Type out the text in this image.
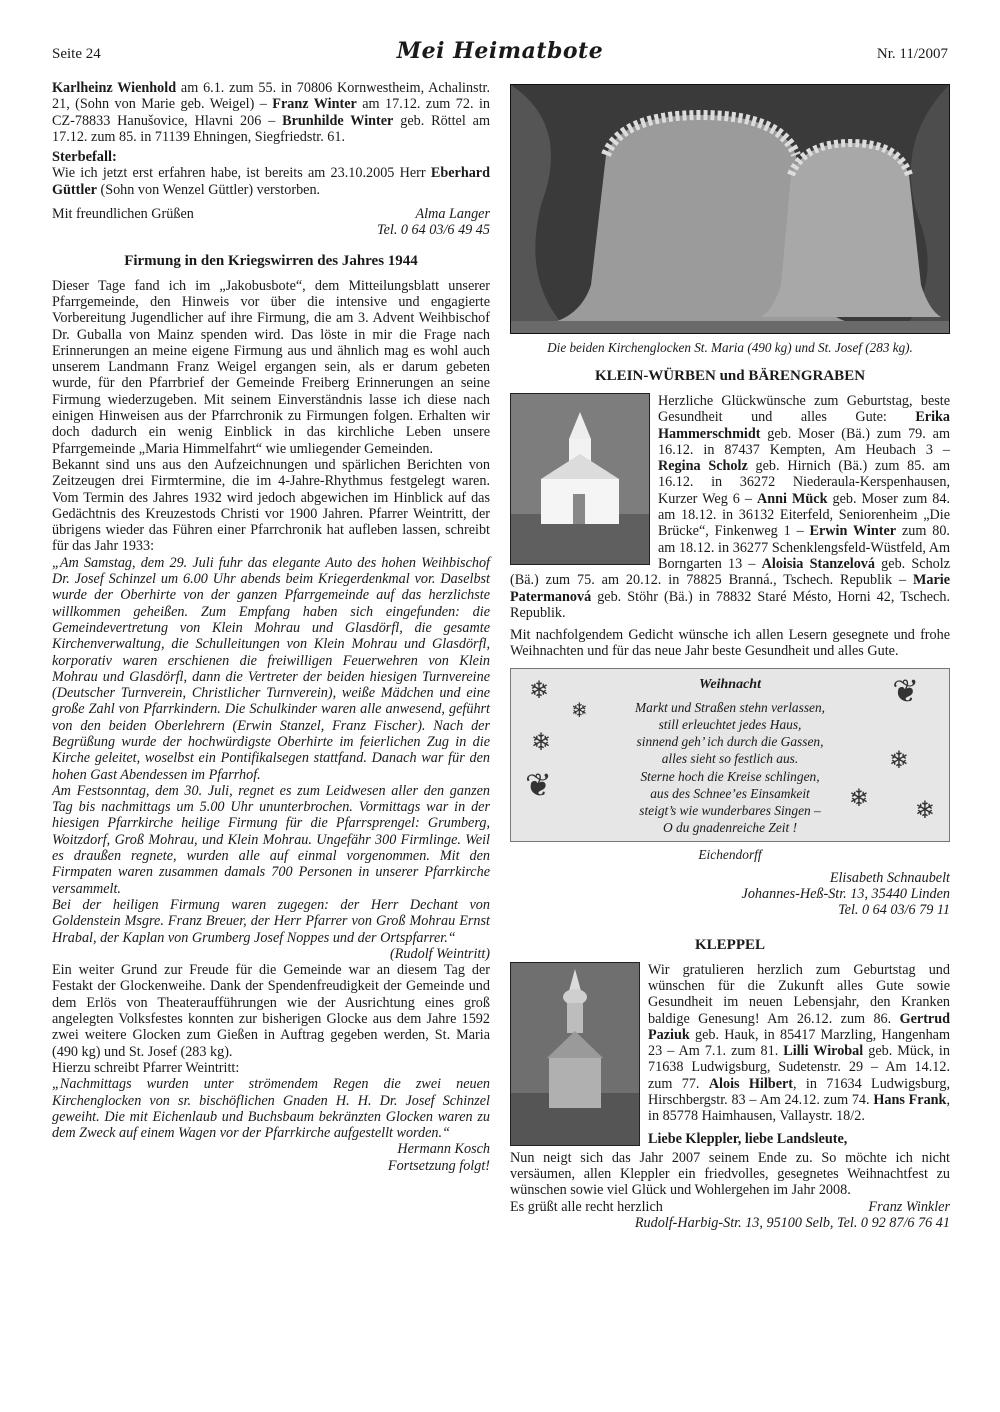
Seite 24	Mei Heimatbote	Nr. 11/2007

Karlheinz Wienhold am 6.1. zum 55. in 70806 Kornwestheim, Achalinstr. 21, (Sohn von Marie geb. Weigel) – Franz Winter am 17.12. zum 72. in CZ-78833 Hanušovice, Hlavni 206 – Brunhilde Winter geb. Röttel am 17.12. zum 85. in 71139 Ehningen, Siegfriedstr. 61.

Sterbefall:

Wie ich jetzt erst erfahren habe, ist bereits am 23.10.2005 Herr Eberhard Güttler (Sohn von Wenzel Güttler) verstorben.

Mit freundlichen Grüßen	Alma Langer

Tel. 0 64 03/6 49 45

Firmung in den Kriegswirren des Jahres 1944

Dieser Tage fand ich im „Jakobusbote“, dem Mitteilungsblatt unserer Pfarrgemeinde, den Hinweis vor über die intensive und engagierte Vorbereitung Jugendlicher auf ihre Firmung, die am 3. Advent Weihbischof Dr. Guballa von Mainz spenden wird. Das löste in mir die Frage nach Erinnerungen an meine eigene Firmung aus und ähnlich mag es wohl auch unserem Landmann Franz Weigel ergangen sein, als er darum gebeten wurde, für den Pfarrbrief der Gemeinde Freiberg Erinnerungen an seine Firmung wiederzugeben. Mit seinem Einverständnis lasse ich diese nach einigen Hinweisen aus der Pfarrchronik zu Firmungen folgen. Erhalten wir doch dadurch ein wenig Einblick in das kirchliche Leben unsere Pfarrgemeinde „Maria Himmelfahrt“ wie umliegender Gemeinden.

Bekannt sind uns aus den Aufzeichnungen und spärlichen Berichten von Zeitzeugen drei Firmtermine, die im 4-Jahre-Rhythmus festgelegt waren. Vom Termin des Jahres 1932 wird jedoch abgewichen im Hinblick auf das Gedächtnis des Kreuzestods Christi vor 1900 Jahren. Pfarrer Weintritt, der übrigens wieder das Führen einer Pfarrchronik hat aufleben lassen, schreibt für das Jahr 1933:

„Am Samstag, dem 29. Juli fuhr das elegante Auto des hohen Weihbischof Dr. Josef Schinzel um 6.00 Uhr abends beim Kriegerdenkmal vor. Daselbst wurde der Oberhirte von der ganzen Pfarrgemeinde auf das herzlichste willkommen geheißen. Zum Empfang haben sich eingefunden: die Gemeindevertretung von Klein Mohrau und Glasdörfl, die gesamte Kirchenverwaltung, die Schulleitungen von Klein Mohrau und Glasdörfl, korporativ waren erschienen die freiwilligen Feuerwehren von Klein Mohrau und Glasdörfl, dann die Vertreter der beiden hiesigen Turnvereine (Deutscher Turnverein, Christlicher Turnverein), weiße Mädchen und eine große Zahl von Pfarrkindern. Die Schulkinder waren alle anwesend, geführt von den beiden Oberlehrern (Erwin Stanzel, Franz Fischer). Nach der Begrüßung wurde der hochwürdigste Oberhirte im feierlichen Zug in die Kirche geleitet, woselbst ein Pontifikalsegen stattfand. Danach war für den hohen Gast Abendessen im Pfarrhof.

Am Festsonntag, dem 30. Juli, regnet es zum Leidwesen aller den ganzen Tag bis nachmittags um 5.00 Uhr ununterbrochen. Vormittags war in der hiesigen Pfarrkirche heilige Firmung für die Pfarrsprengel: Grumberg, Woitzdorf, Groß Mohrau, und Klein Mohrau. Ungefähr 300 Firmlinge. Weil es draußen regnete, wurden alle auf einmal vorgenommen. Mit den Firmpaten waren zusammen damals 700 Personen in unserer Pfarrkirche versammelt.

Bei der heiligen Firmung waren zugegen: der Herr Dechant von Goldenstein Msgre. Franz Breuer, der Herr Pfarrer von Groß Mohrau Ernst Hrabal, der Kaplan von Grumberg Josef Noppes und der Ortspfarrer.“
(Rudolf Weintritt)

Ein weiter Grund zur Freude für die Gemeinde war an diesem Tag der Festakt der Glockenweihe. Dank der Spendenfreudigkeit der Gemeinde und dem Erlös von Theateraufführungen wie der Ausrichtung eines groß angelegten Volksfestes konnten zur bisherigen Glocke aus dem Jahre 1592 zwei weitere Glocken zum Gießen in Auftrag gegeben werden, St. Maria (490 kg) und St. Josef (283 kg).

Hierzu schreibt Pfarrer Weintritt:

„Nachmittags wurden unter strömendem Regen die zwei neuen Kirchenglocken von sr. bischöflichen Gnaden H. H. Dr. Josef Schinzel geweiht. Die mit Eichenlaub und Buchsbaum bekränzten Glocken waren zu dem Zweck auf einem Wagen vor der Pfarrkirche aufgestellt worden.“

Hermann Kosch

Fortsetzung folgt!

Die beiden Kirchenglocken St. Maria (490 kg) und St. Josef (283 kg).
KLEIN-WÜRBEN und BÄRENGRABEN

Herzliche Glückwünsche zum Geburtstag, beste Gesundheit und alles Gute: Erika Hammerschmidt geb. Moser (Bä.) zum 79. am 16.12. in 87437 Kempten, Am Heubach 3 – Regina Scholz geb. Hirnich (Bä.) zum 85. am 16.12. in 36272 Niederaula-Kerspenhausen, Kurzer Weg 6 – Anni Mück geb. Moser zum 84. am 18.12. in 36132 Eiterfeld, Seniorenheim „Die Brücke“, Finkenweg 1 – Erwin Winter zum 80. am 18.12. in 36277 Schenklengsfeld-Wüstfeld, Am Borngarten 13 – Aloisia Stanzelová geb. Scholz (Bä.) zum 75. am 20.12. in 78825 Branná., Tschech. Republik – Marie Patermanová geb. Stöhr (Bä.) in 78832 Staré Mésto, Horni 42, Tschech. Republik.

Mit nachfolgendem Gedicht wünsche ich allen Lesern gesegnete und frohe Weihnachten und für das neue Jahr beste Gesundheit und alles Gute.

❄
❄
❄
❦
❦
❄
❄ ❄
Weihnacht
Markt und Straßen stehn verlassen,
still erleuchtet jedes Haus,
sinnend geh’ ich durch die Gassen,
alles sieht so festlich aus.
Sterne hoch die Kreise schlingen,
aus des Schnee’es Einsamkeit
steigt’s wie wunderbares Singen –
O du gnadenreiche Zeit !
Eichendorff

Elisabeth Schnaubelt

Johannes-Heß-Str. 13, 35440 Linden

Tel. 0 64 03/6 79 11

KLEPPEL

Wir gratulieren herzlich zum Geburtstag und wünschen für die Zukunft alles Gute sowie Gesundheit im neuen Lebensjahr, den Kranken baldige Genesung! Am 26.12. zum 86. Gertrud Paziuk geb. Hauk, in 85417 Marzling, Hangenham 23 – Am 7.1. zum 81. Lilli Wirobal geb. Mück, in 71638 Ludwigsburg, Sudetenstr. 29 – Am 14.12. zum 77. Alois Hilbert, in 71634 Ludwigsburg, Hirschbergstr. 83 – Am 24.12. zum 74. Hans Frank, in 85778 Haimhausen, Vallaystr. 18/2.

Liebe Kleppler, liebe Landsleute,

Nun neigt sich das Jahr 2007 seinem Ende zu. So möchte ich nicht versäumen, allen Kleppler ein friedvolles, gesegnetes Weihnachtfest zu wünschen sowie viel Glück und Wohlergehen im Jahr 2008.

Es grüßt alle recht herzlich	Franz Winkler

Rudolf-Harbig-Str. 13, 95100 Selb, Tel. 0 92 87/6 76 41
